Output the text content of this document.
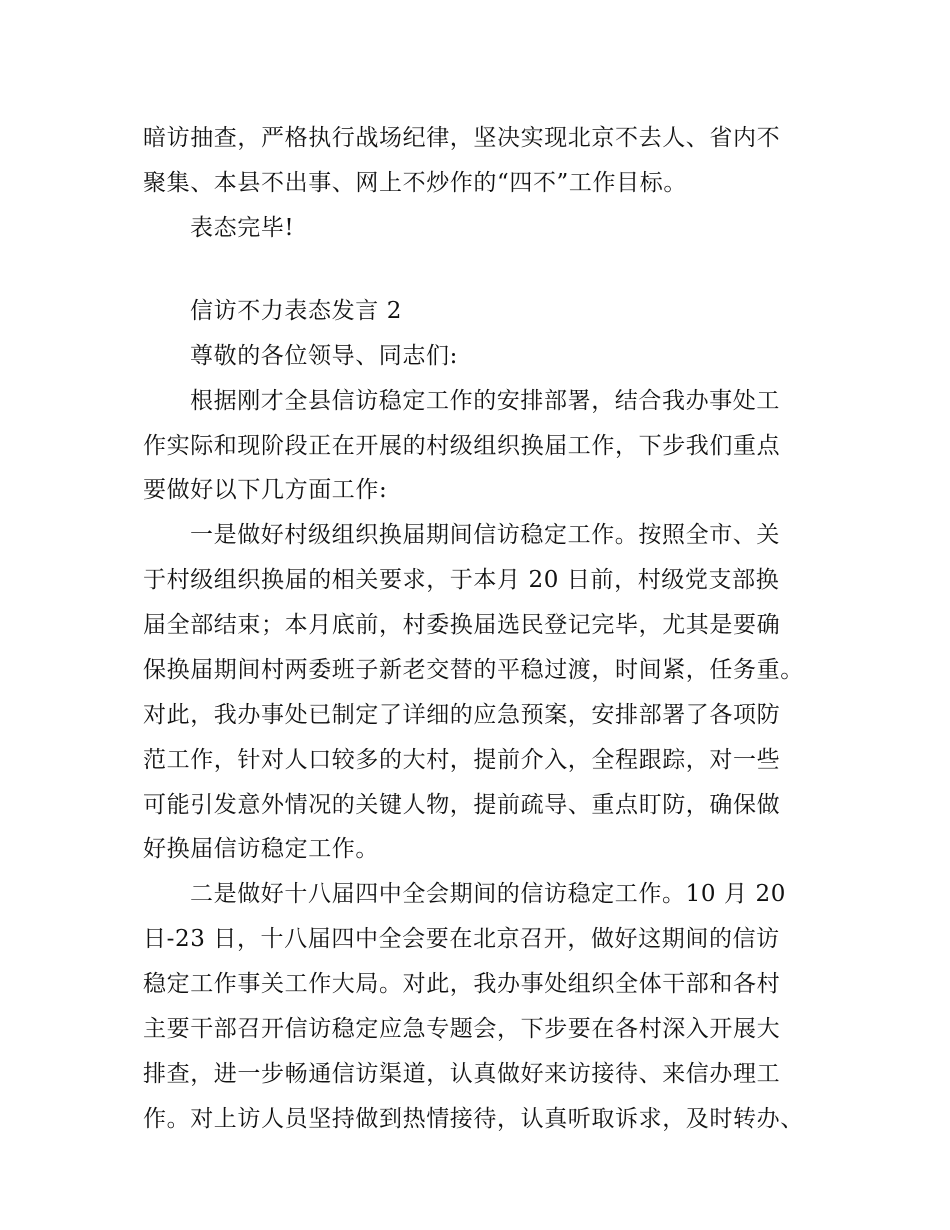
暗访抽查，严格执行战场纪律，坚决实现北京不去人、省内不
聚集、本县不出事、网上不炒作的“四不”工作目标。
表态完毕!
信访不力表态发言 2
尊敬的各位领导、同志们:
根据刚才全县信访稳定工作的安排部署，结合我办事处工
作实际和现阶段正在开展的村级组织换届工作，下步我们重点
要做好以下几方面工作:
一是做好村级组织换届期间信访稳定工作。按照全市、关
于村级组织换届的相关要求，于本月 20 日前，村级党支部换
届全部结束；本月底前，村委换届选民登记完毕，尤其是要确
保换届期间村两委班子新老交替的平稳过渡，时间紧，任务重。
对此，我办事处已制定了详细的应急预案，安排部署了各项防
范工作，针对人口较多的大村，提前介入，全程跟踪，对一些
可能引发意外情况的关键人物，提前疏导、重点盯防，确保做
好换届信访稳定工作。
二是做好十八届四中全会期间的信访稳定工作。10 月 20
日-23 日，十八届四中全会要在北京召开，做好这期间的信访
稳定工作事关工作大局。对此，我办事处组织全体干部和各村
主要干部召开信访稳定应急专题会，下步要在各村深入开展大
排查，进一步畅通信访渠道，认真做好来访接待、来信办理工
作。对上访人员坚持做到热情接待，认真听取诉求，及时转办、
